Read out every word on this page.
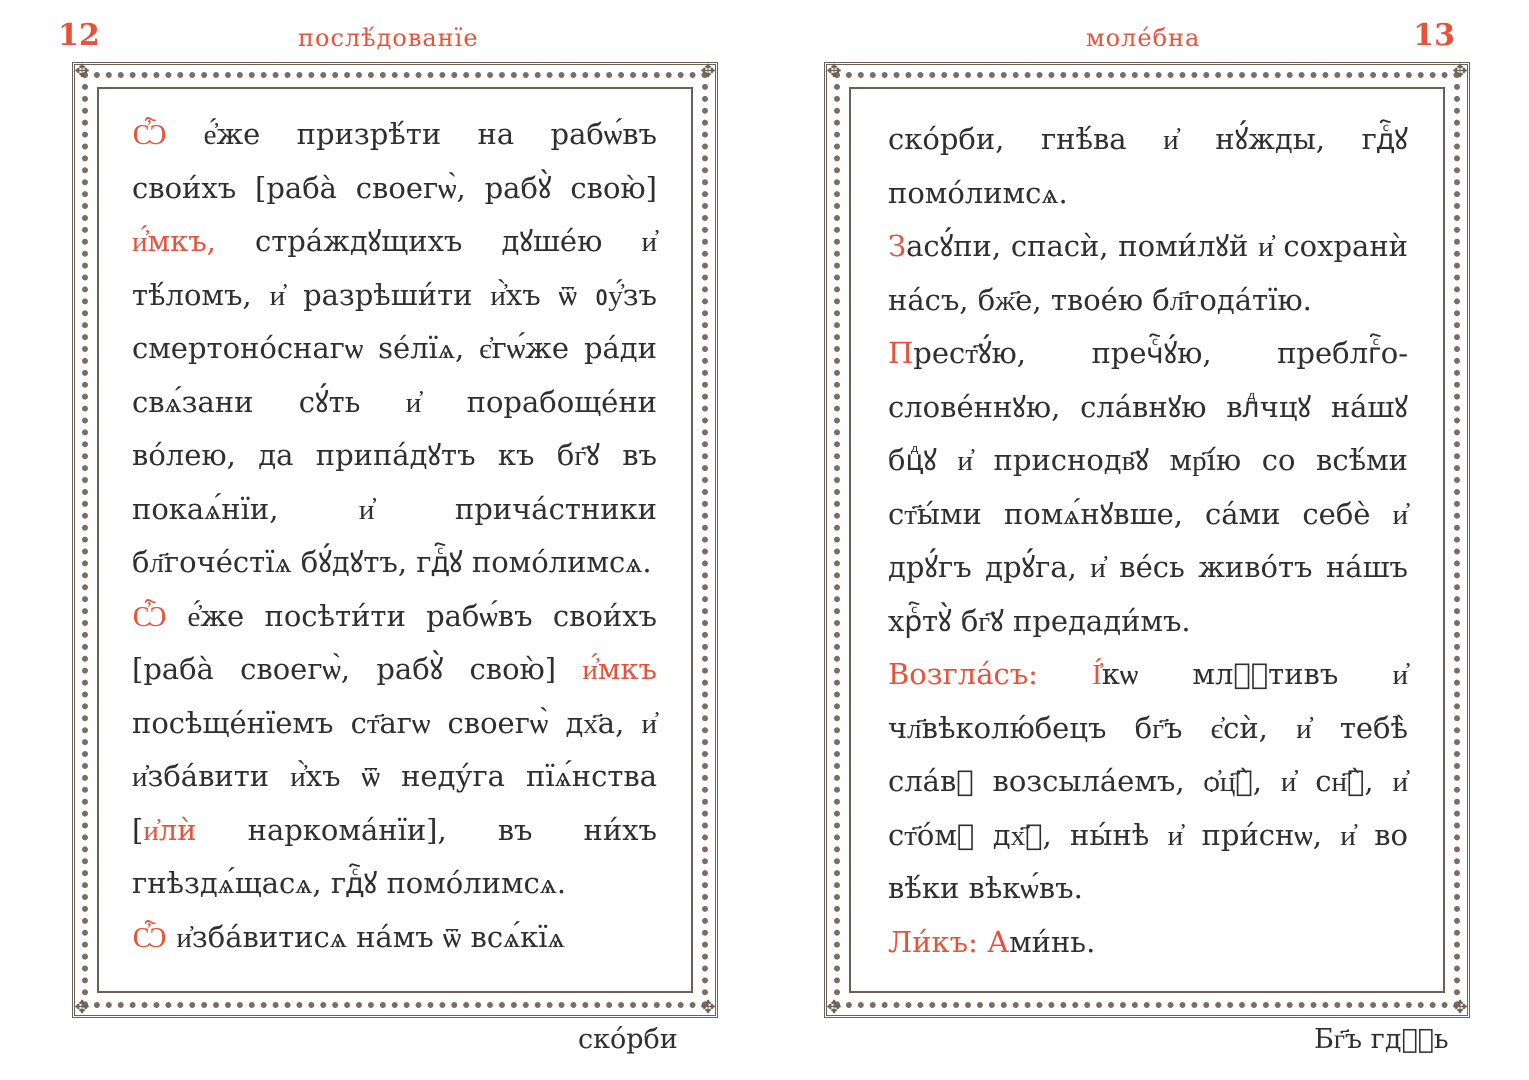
12	послѣ́дованїе
✥	✥
✥	✥

Ѽ е҆́же призрѣ́ти на рабѡ́въ свои́хъ [раба̀ своегѡ̀, рабꙋ̀ свою̀] и҆́мкъ, стра́ждꙋщихъ дꙋше́ю и҆ тѣ́ломъ, и҆ разрѣши́ти и҆̀хъ ѿ ᲂу҆́зъ смертоно́снагѡ ѕе́лїѧ, є҆гѡ́же ра́ди свѧ́зани сꙋ́ть и҆ порабоще́ни во́лею, да припа́дꙋтъ къ бг҃ꙋ въ покаѧ́нїи, и҆ прича́стники бл҃гоче́стїѧ бꙋ́дꙋтъ, гдⷭ҇ꙋ помо́лимсѧ.

Ѽ е҆́же посѣти́ти рабѡ́въ свои́хъ [раба̀ своегѡ̀, рабꙋ̀ свою̀] и҆́мкъ посѣще́нїемъ ст҃агѡ своегѡ̀ дх҃а, и҆ и҆зба́вити и҆̀хъ ѿ неду́га пїѧ́нства [и҆лѝ наркома́нїи], въ ни́хъ гнѣздѧ́щасѧ, гдⷭ҇ꙋ помо́лимсѧ.

Ѽ и҆зба́витисѧ на́мъ ѿ всѧ́кїѧ

ско́рби
13
моле́бна
✥	✥
✥	✥

ско́рби, гнѣ́ва и҆ нꙋ́жды, гдⷭ҇ꙋ помо́лимсѧ.

Засꙋ́пи, спасѝ, поми́лꙋй и҆ сохранѝ на́съ, бж҃е, твое́ю бл҃года́тїю.

Прест҃ꙋ́ю, пречⷭ҇ꙋ́ю, преблгⷭ҇о-слове́ннꙋю, сла́внꙋю влⷣчцꙋ на́шꙋ бцⷣꙋ и҆ приснодв҃ꙋ мр҃і́ю со всѣ́ми ст҃ы́ми помѧ́нꙋвше, са́ми себѐ и҆ дрꙋ́гъ дрꙋ́га, и҆ ве́сь живо́тъ на́шъ хрⷭ҇тꙋ̀ бг҃ꙋ предади́мъ.

Возгла́съ: І҆́кѡ млⷭ҇тивъ и҆ чл҃вѣколю́бецъ бг҃ъ є҆сѝ, и҆ тебѣ̀ сла́вꙋ возсыла́емъ, ѻ҆ц҃ꙋ̀, и҆ сн҃ꙋ̀, и҆ ст҃о́мꙋ дх҃ꙋ, ны́нѣ и҆ при́снѡ, и҆ во вѣ́ки вѣкѡ́въ.

Ли́къ: Ами́нь.

Бг҃ъ гдⷭ҇ь
